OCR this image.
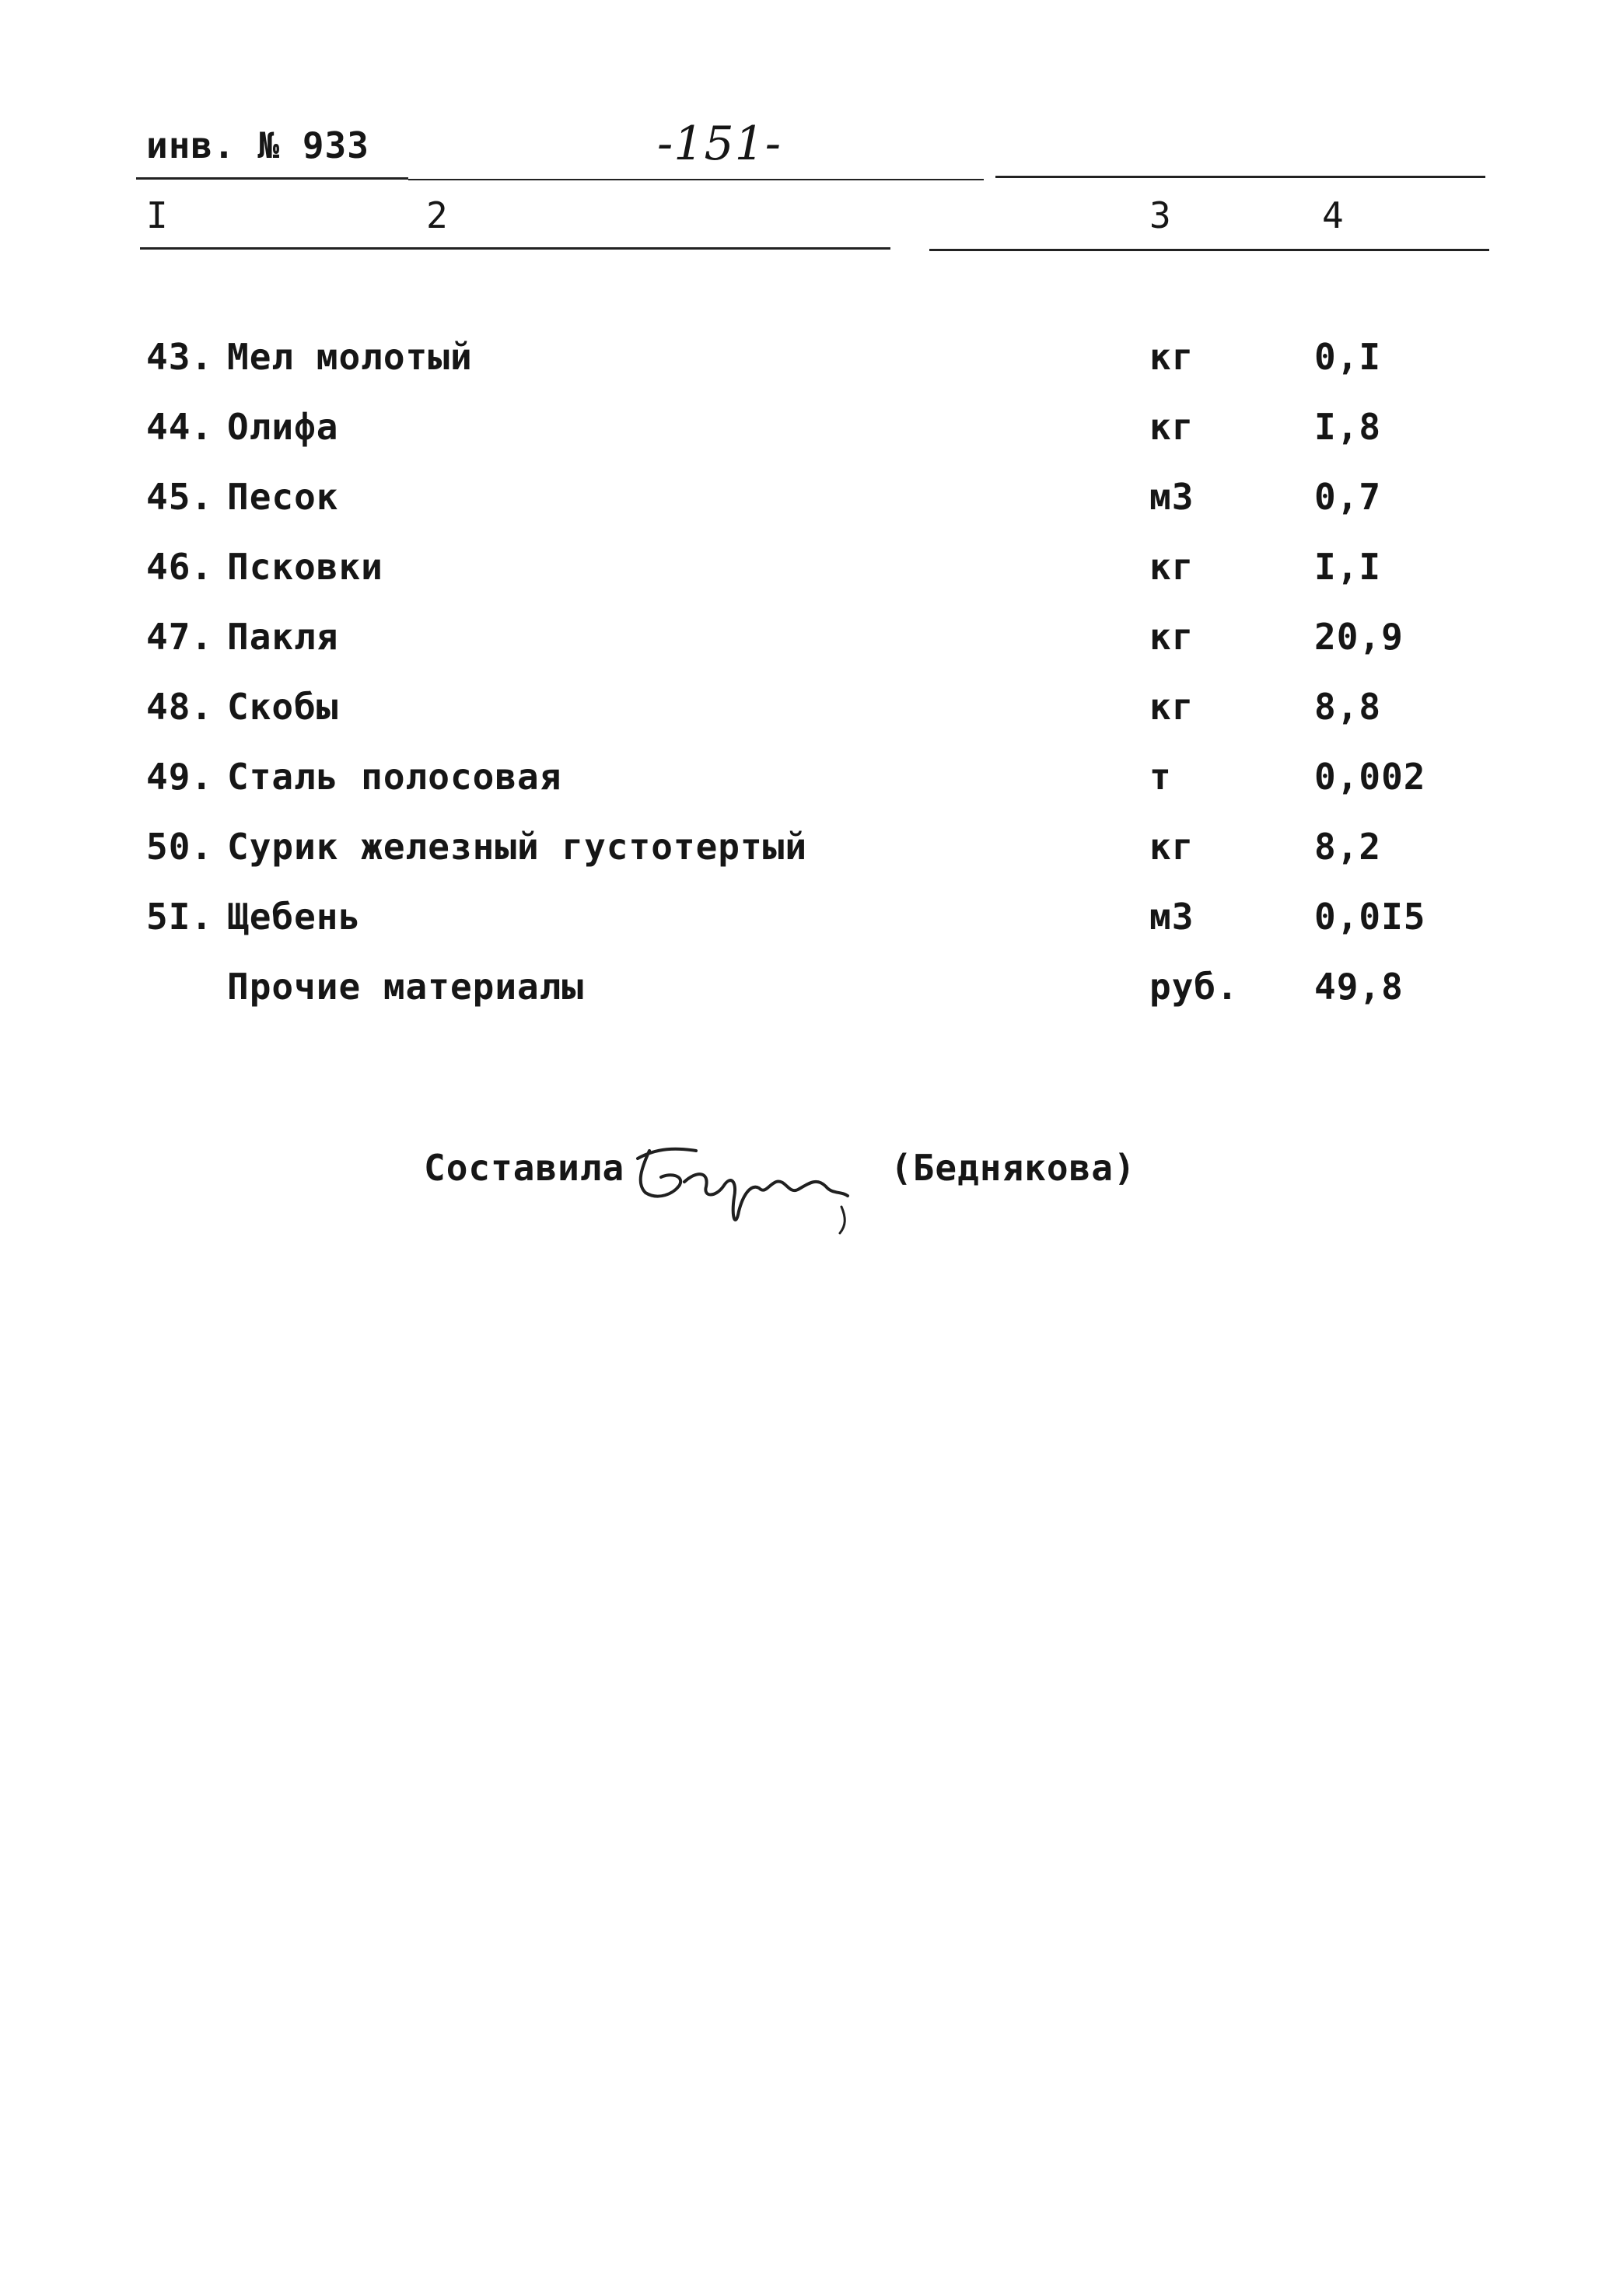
инв. № 933	-151-
I	2	3	4
43. Мел молотый	кг	0,I
44. Олифа	кг	I,8
45. Песок	м3	0,7
46. Псковки	кг	I,I
47. Пакля	кг	20,9
48. Скобы	кг	8,8
49. Сталь полосовая	т	0,002
50. Сурик железный густотертый	кг	8,2
5I. Щебень	м3	0,0I5
Прочие материалы	руб. 49,8
Составила	(Беднякова)
